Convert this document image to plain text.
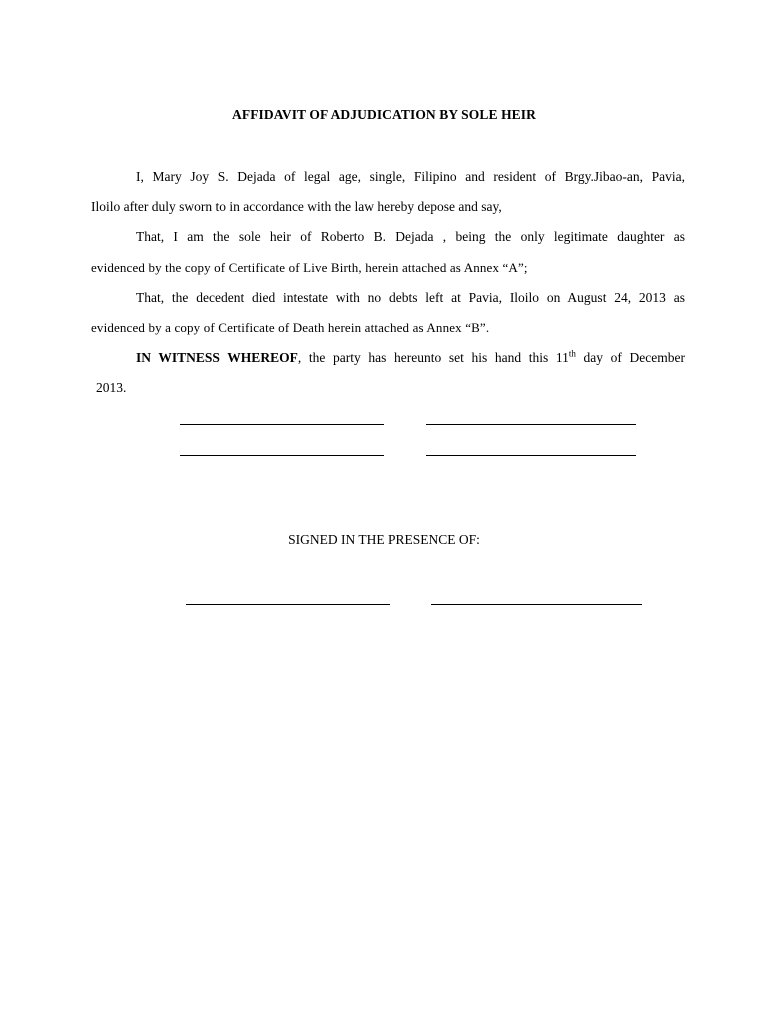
AFFIDAVIT OF ADJUDICATION BY SOLE HEIR
I, Mary Joy S. Dejada of legal age, single, Filipino and resident of Brgy.Jibao-an, Pavia,
Iloilo after duly sworn to in accordance with the law hereby depose and say,
That, I am the sole heir of Roberto B. Dejada , being the only legitimate daughter as
evidenced by the copy of Certificate of Live Birth, herein attached as Annex “A”;
That, the decedent died intestate with no debts left at Pavia, Iloilo on August 24, 2013 as
evidenced by a copy of Certificate of Death herein attached as Annex “B”.
IN WITNESS WHEREOF, the party has hereunto set his hand this 11th day of December
2013.
SIGNED IN THE PRESENCE OF:
